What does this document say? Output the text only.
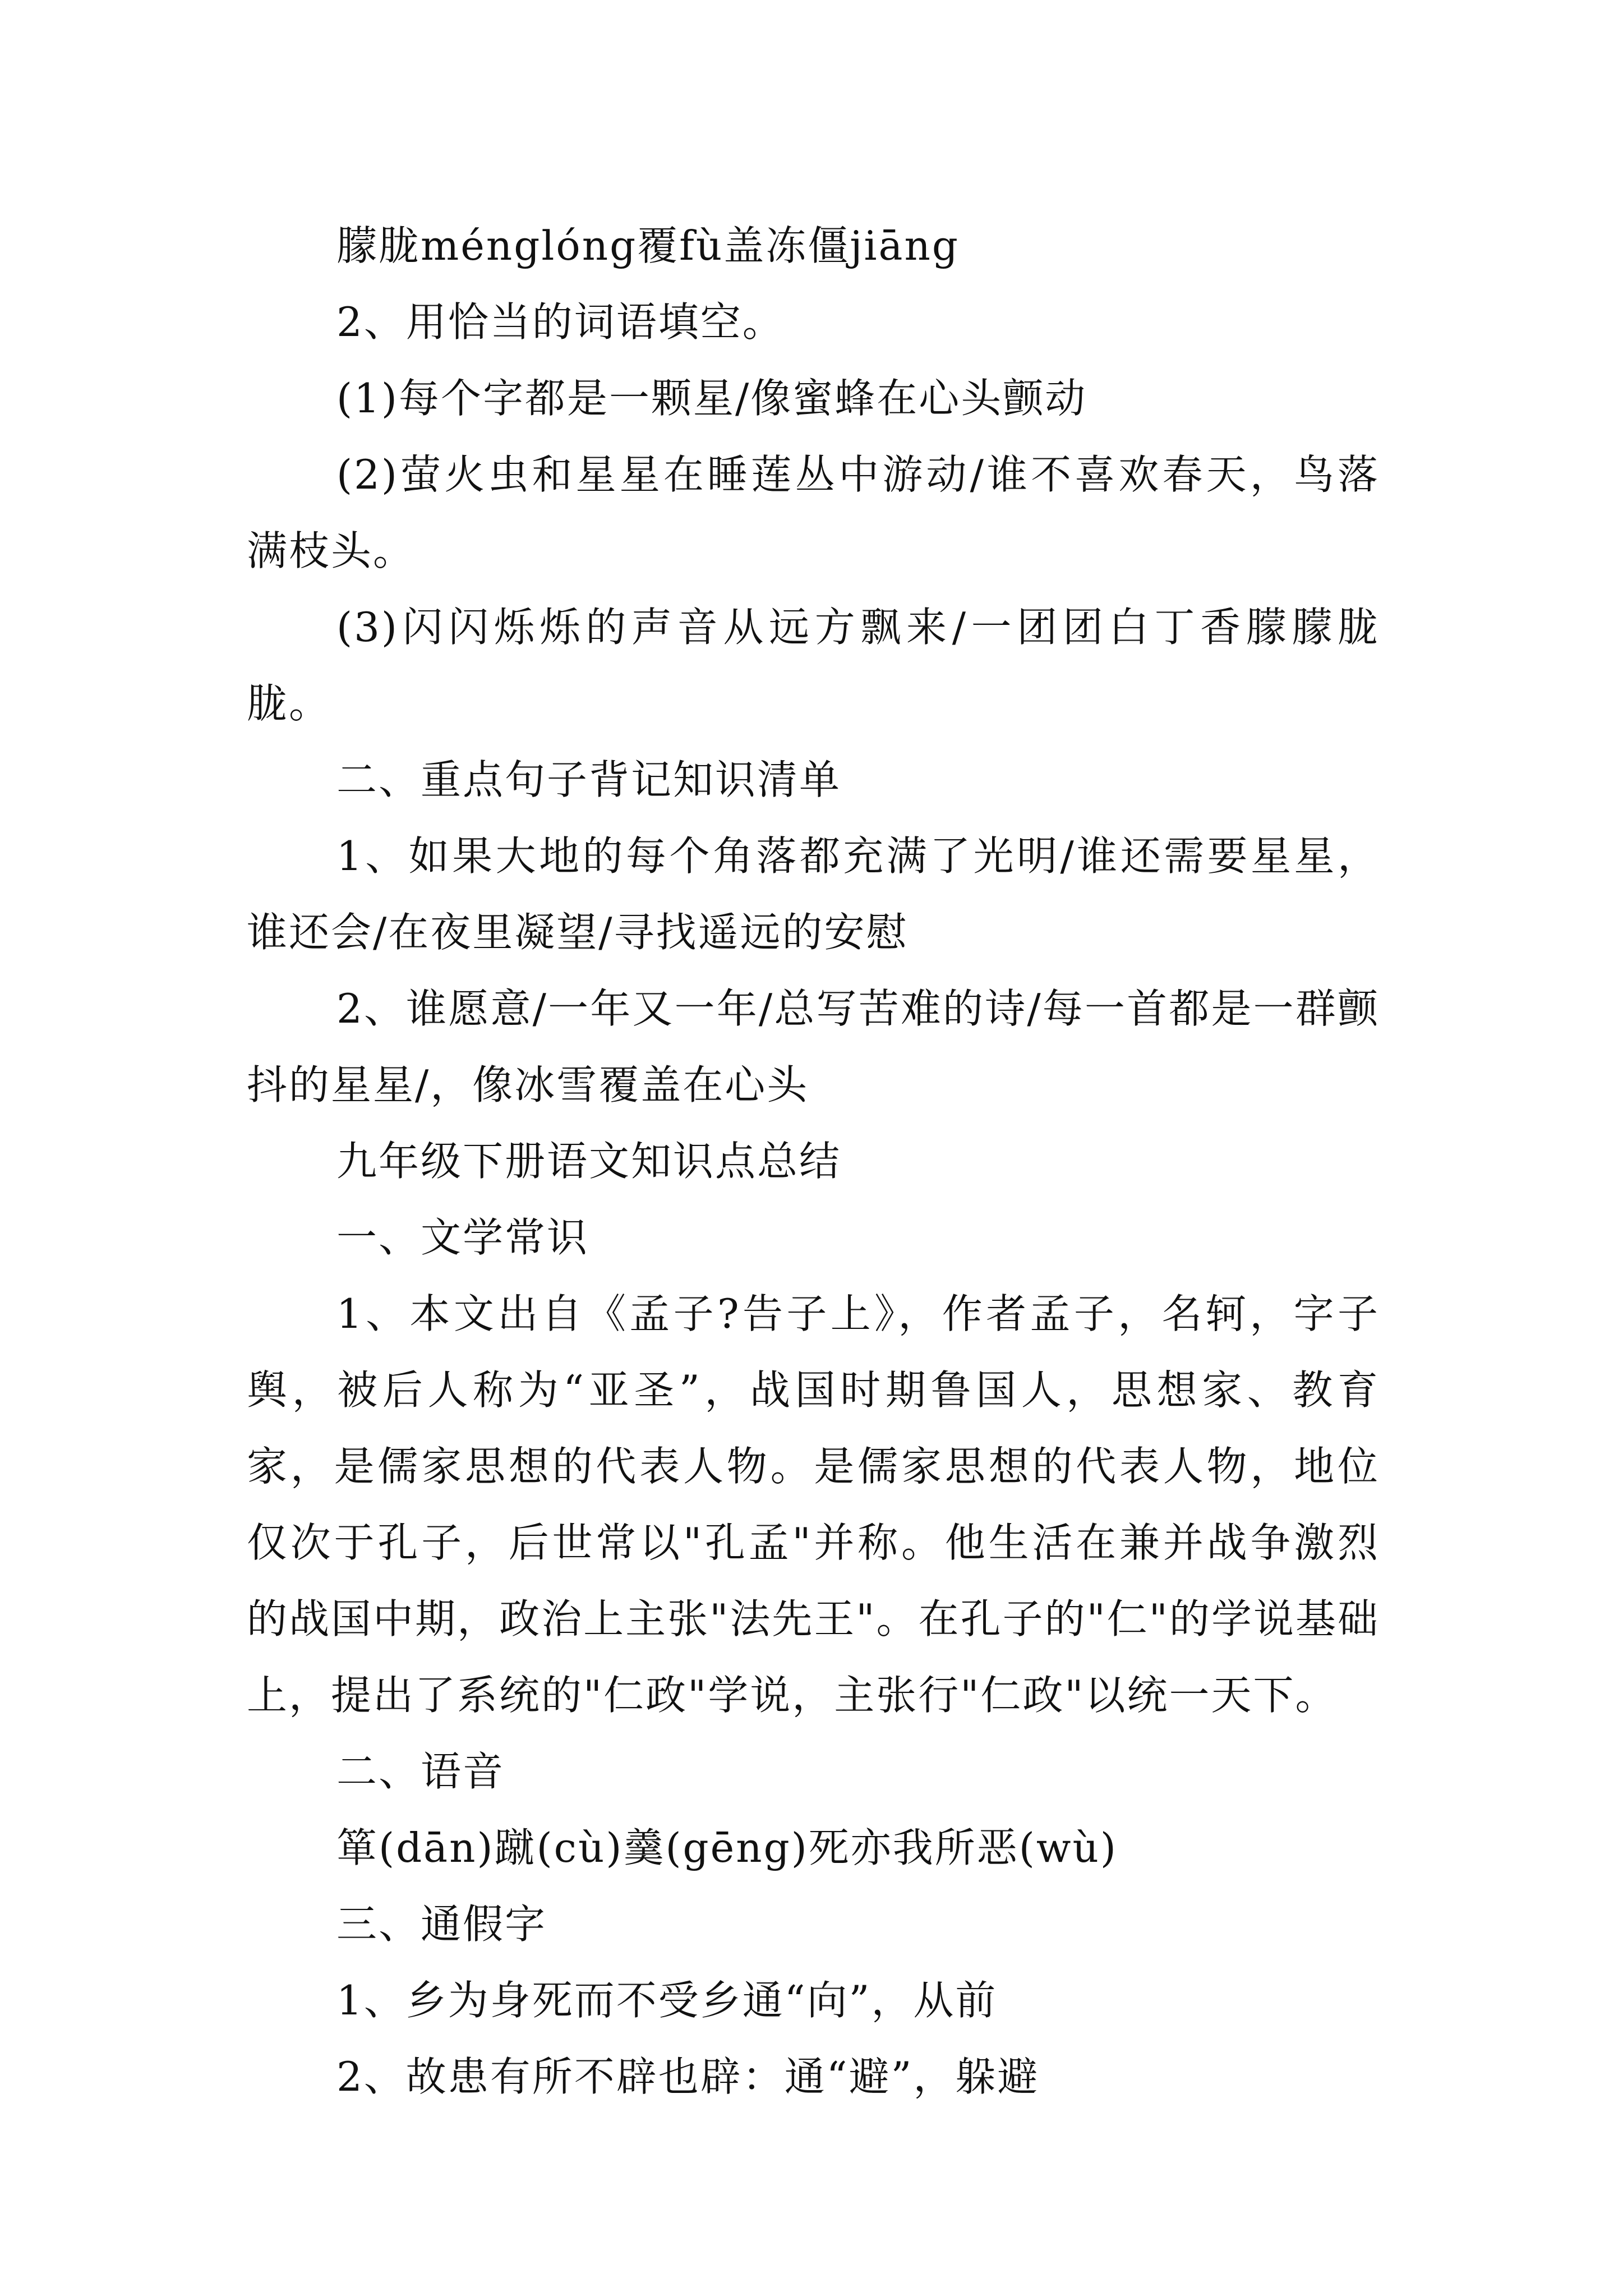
朦胧ménglóng覆fù盖冻僵jiāng

2、用恰当的词语填空。

(1)每个字都是一颗星/像蜜蜂在心头颤动

(2)萤火虫和星星在睡莲丛中游动/谁不喜欢春天，鸟落满枝头。

(3)闪闪烁烁的声音从远方飘来/一团团白丁香朦朦胧胧。

二、重点句子背记知识清单

1、如果大地的每个角落都充满了光明/谁还需要星星，谁还会/在夜里凝望/寻找遥远的安慰

2、谁愿意/一年又一年/总写苦难的诗/每一首都是一群颤抖的星星/，像冰雪覆盖在心头

九年级下册语文知识点总结

一、文学常识

1、本文出自《孟子?告子上》，作者孟子，名轲，字子舆，被后人称为“亚圣”，战国时期鲁国人，思想家、教育家，是儒家思想的代表人物。是儒家思想的代表人物，地位仅次于孔子，后世常以"孔孟"并称。他生活在兼并战争激烈的战国中期，政治上主张"法先王"。在孔子的"仁"的学说基础上，提出了系统的"仁政"学说，主张行"仁政"以统一天下。

二、语音

箪(dān)蹴(cù)羹(gēng)死亦我所恶(wù)

三、通假字

1、乡为身死而不受乡通“向”，从前

2、故患有所不辟也辟：通“避”，躲避
